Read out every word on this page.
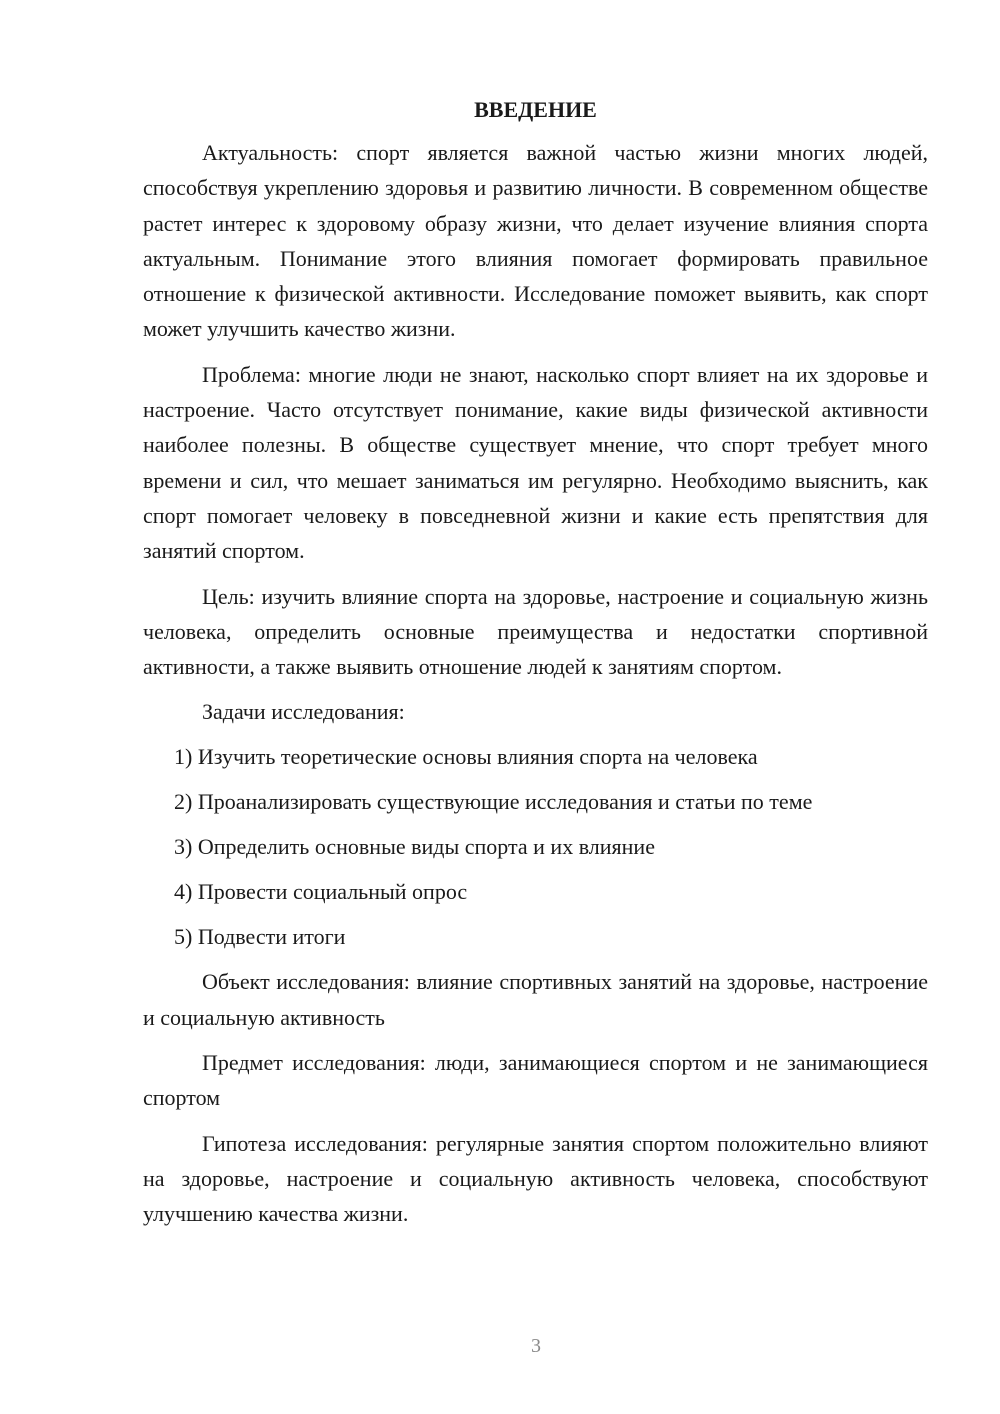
ВВЕДЕНИЕ

Актуальность: спорт является важной частью жизни многих людей, способствуя укреплению здоровья и развитию личности. В современном обществе растет интерес к здоровому образу жизни, что делает изучение влияния спорта актуальным. Понимание этого влияния помогает формировать правильное отношение к физической активности. Исследование поможет выявить, как спорт может улучшить качество жизни.

Проблема: многие люди не знают, насколько спорт влияет на их здоровье и настроение. Часто отсутствует понимание, какие виды физической активности наиболее полезны. В обществе существует мнение, что спорт требует много времени и сил, что мешает заниматься им регулярно. Необходимо выяснить, как спорт помогает человеку в повседневной жизни и какие есть препятствия для занятий спортом.

Цель: изучить влияние спорта на здоровье, настроение и социальную жизнь человека, определить основные преимущества и недостатки спортивной активности, а также выявить отношение людей к занятиям спортом.

Задачи исследования:
1) Изучить теоретические основы влияния спорта на человека
2) Проанализировать существующие исследования и статьи по теме
3) Определить основные виды спорта и их влияние
4) Провести социальный опрос
5) Подвести итоги

Объект исследования: влияние спортивных занятий на здоровье, настроение и социальную активность

Предмет исследования: люди, занимающиеся спортом и не занимающиеся спортом

Гипотеза исследования: регулярные занятия спортом положительно влияют на здоровье, настроение и социальную активность человека, способствуют улучшению качества жизни.

3
